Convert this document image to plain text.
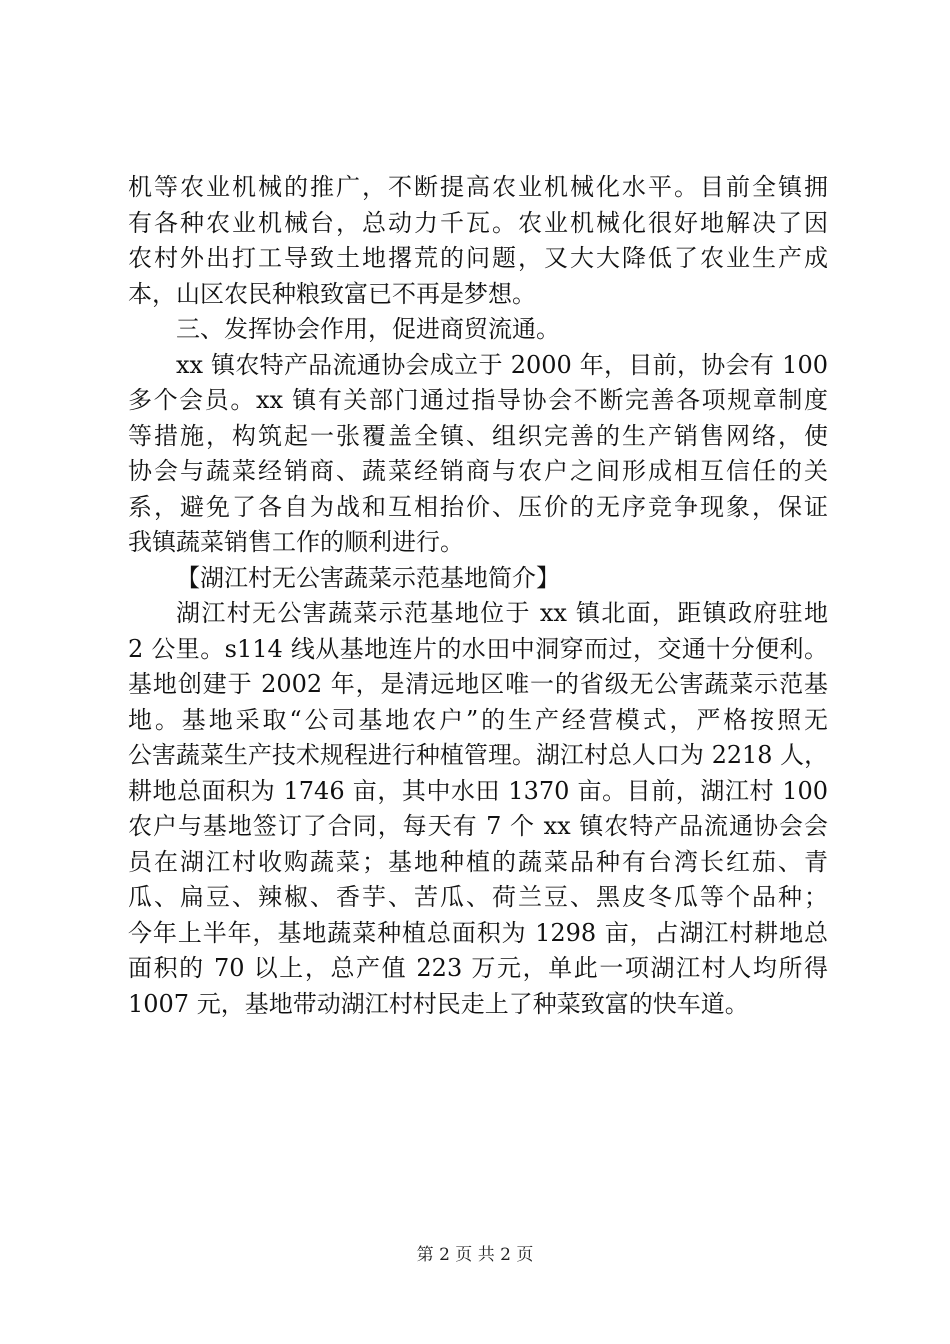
机等农业机械的推广，不断提高农业机械化水平。目前全镇拥
有各种农业机械台，总动力千瓦。农业机械化很好地解决了因
农村外出打工导致土地撂荒的问题，又大大降低了农业生产成
本，山区农民种粮致富已不再是梦想。
三、发挥协会作用，促进商贸流通。
xx 镇农特产品流通协会成立于 2000 年，目前，协会有 100
多个会员。xx 镇有关部门通过指导协会不断完善各项规章制度
等措施，构筑起一张覆盖全镇、组织完善的生产销售网络，使
协会与蔬菜经销商、蔬菜经销商与农户之间形成相互信任的关
系，避免了各自为战和互相抬价、压价的无序竞争现象，保证
我镇蔬菜销售工作的顺利进行。
【湖江村无公害蔬菜示范基地简介】
湖江村无公害蔬菜示范基地位于 xx 镇北面，距镇政府驻地
2 公里。s114 线从基地连片的水田中洞穿而过，交通十分便利。
基地创建于 2002 年，是清远地区唯一的省级无公害蔬菜示范基
地。基地采取“公司基地农户”的生产经营模式，严格按照无
公害蔬菜生产技术规程进行种植管理。湖江村总人口为 2218 人，
耕地总面积为 1746 亩，其中水田 1370 亩。目前，湖江村 100
农户与基地签订了合同，每天有 7 个 xx 镇农特产品流通协会会
员在湖江村收购蔬菜；基地种植的蔬菜品种有台湾长红茄、青
瓜、扁豆、辣椒、香芋、苦瓜、荷兰豆、黑皮冬瓜等个品种；
今年上半年，基地蔬菜种植总面积为 1298 亩，占湖江村耕地总
面积的 70 以上，总产值 223 万元，单此一项湖江村人均所得
1007 元，基地带动湖江村村民走上了种菜致富的快车道。
第 2 页 共 2 页
